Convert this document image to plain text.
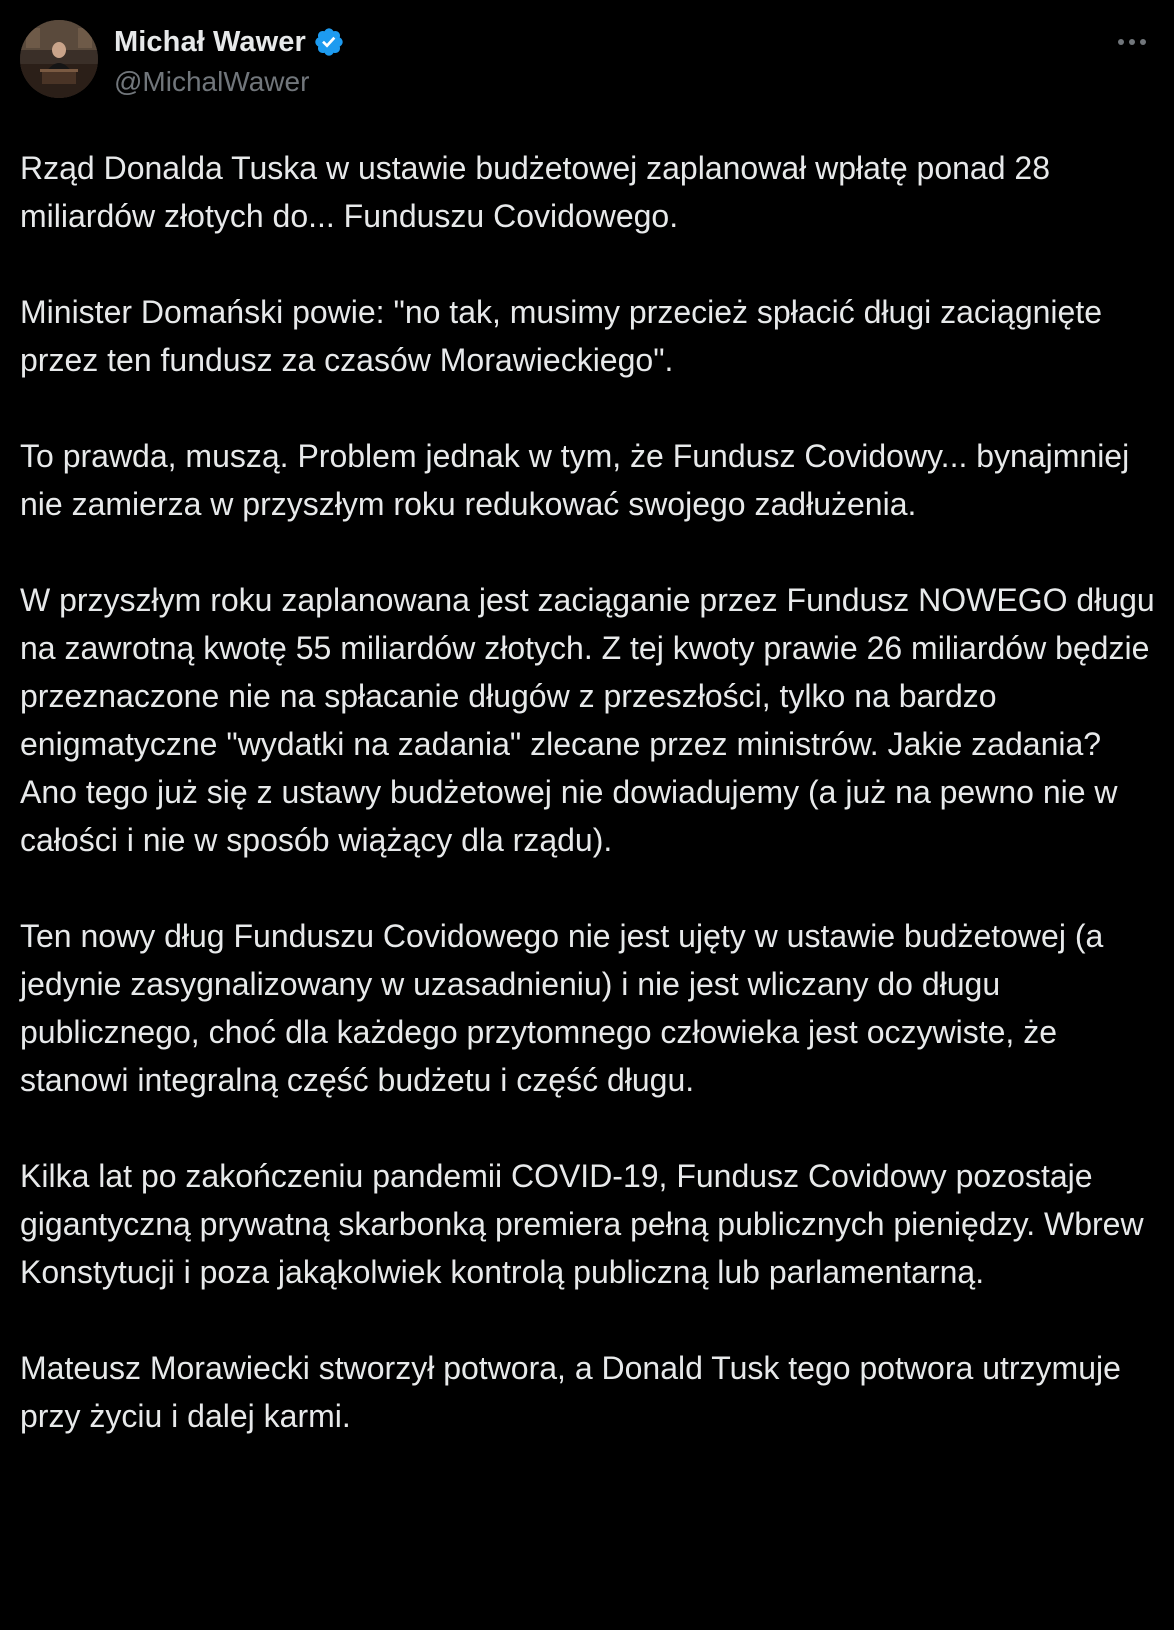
Michał Wawer
@MichalWawer

Rząd Donalda Tuska w ustawie budżetowej zaplanował wpłatę ponad 28 miliardów złotych do... Funduszu Covidowego.

Minister Domański powie: "no tak, musimy przecież spłacić długi zaciągnięte przez ten fundusz za czasów Morawieckiego".

To prawda, muszą. Problem jednak w tym, że Fundusz Covidowy... bynajmniej nie zamierza w przyszłym roku redukować swojego zadłużenia.

W przyszłym roku zaplanowana jest zaciąganie przez Fundusz NOWEGO długu na zawrotną kwotę 55 miliardów złotych. Z tej kwoty prawie 26 miliardów będzie przeznaczone nie na spłacanie długów z przeszłości, tylko na bardzo enigmatyczne "wydatki na zadania" zlecane przez ministrów. Jakie zadania? Ano tego już się z ustawy budżetowej nie dowiadujemy (a już na pewno nie w całości i nie w sposób wiążący dla rządu).

Ten nowy dług Funduszu Covidowego nie jest ujęty w ustawie budżetowej (a jedynie zasygnalizowany w uzasadnieniu) i nie jest wliczany do długu publicznego, choć dla każdego przytomnego człowieka jest oczywiste, że stanowi integralną część budżetu i część długu.

Kilka lat po zakończeniu pandemii COVID-19, Fundusz Covidowy pozostaje gigantyczną prywatną skarbonką premiera pełną publicznych pieniędzy. Wbrew Konstytucji i poza jakąkolwiek kontrolą publiczną lub parlamentarną.

Mateusz Morawiecki stworzył potwora, a Donald Tusk tego potwora utrzymuje przy życiu i dalej karmi.
